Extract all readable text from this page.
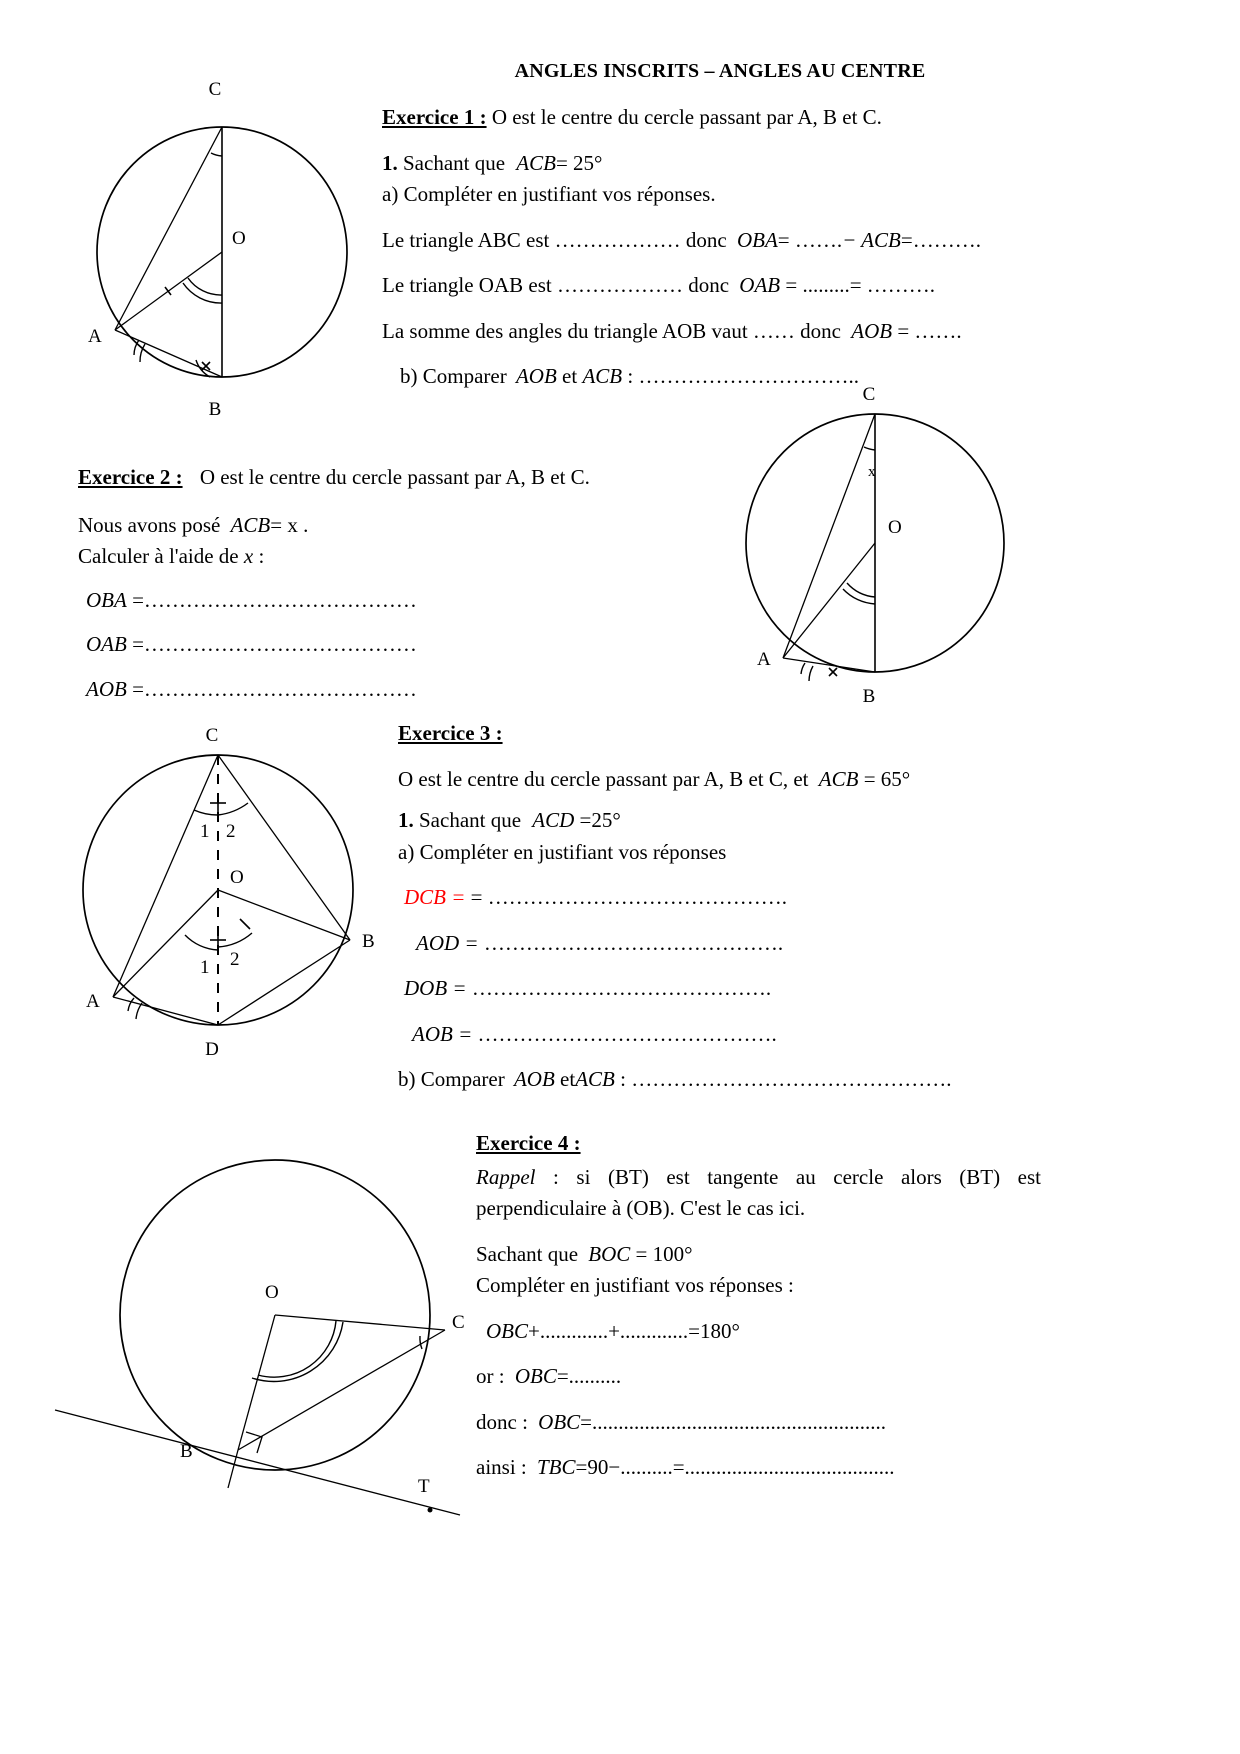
ANGLES INSCRITS – ANGLES AU CENTRE
C
O
A
B

Exercice 1 : O est le centre du cercle passant par A, B et C.

1. Sachant que ACB= 25°

a) Compléter en justifiant vos réponses.

Le triangle ABC est ……………… donc OBA= …….− ACB=……….

Le triangle OAB est ……………… donc OAB = .........= ……….

La somme des angles du triangle AOB vaut …… donc AOB = …….

b) Comparer AOB et ACB : …………………………..

Exercice 2 : O est le centre du cercle passant par A, B et C.

Nous avons posé ACB= x .

Calculer à l'aide de x :

OBA =…………………………………

OAB =…………………………………

AOB =…………………………………

x
C
O
A
B
1 2
1 2
C
O
A
B
D

Exercice 3 :

O est le centre du cercle passant par A, B et C, et ACB = 65°

1. Sachant que ACD =25°

a) Compléter en justifiant vos réponses

DCB = = …………………………………….

AOD = …………………………………….

DOB = …………………………………….

AOB = …………………………………….

b) Comparer AOB etACB : ……………………………………….

O
C
B
T

Exercice 4 :

Rappel : si (BT) est tangente au cercle alors (BT) est perpendiculaire à (OB). C'est le cas ici.

Sachant que BOC = 100°

Compléter en justifiant vos réponses :

OBC+.............+.............=180°

or : OBC=..........

donc : OBC=........................................................

ainsi : TBC=90−..........=........................................
